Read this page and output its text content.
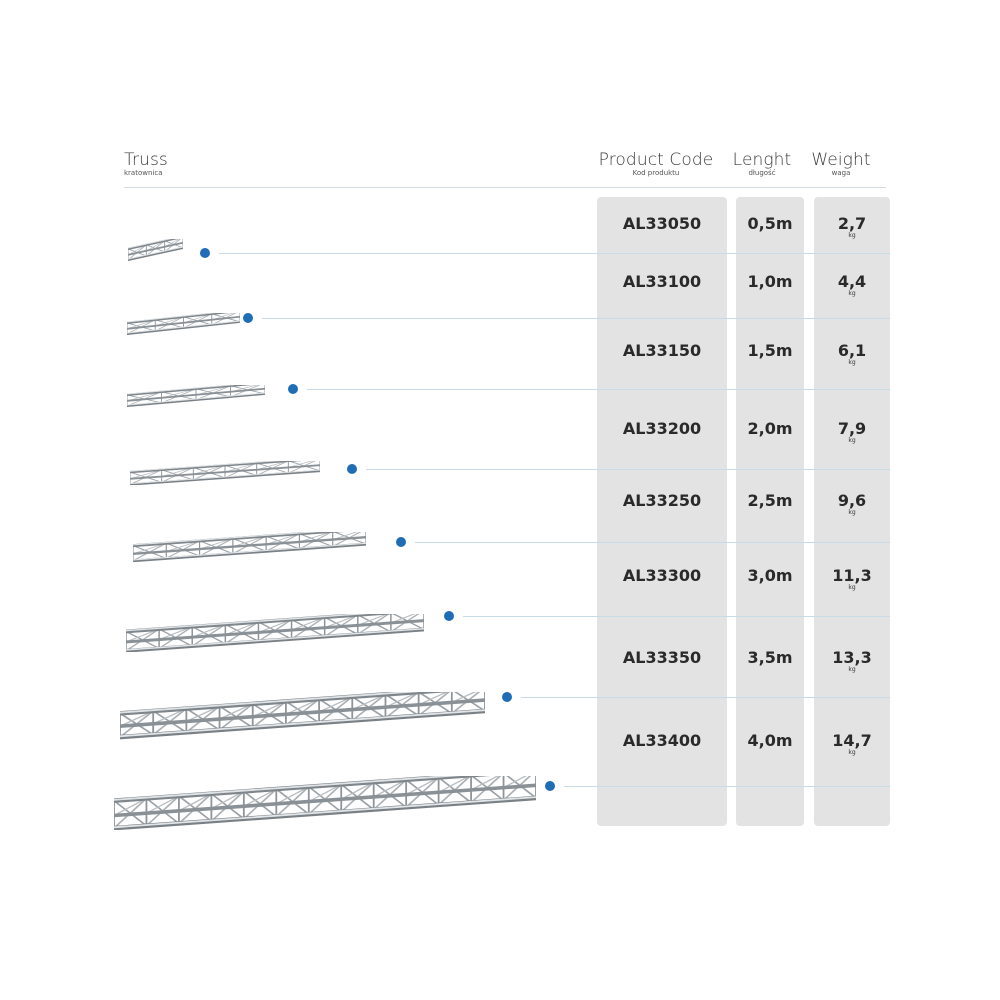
Truss
kratownica
Product Code
Kod produktu
Lenght
długość
Weight
waga
AL33050	0,5m	2,7
kg
AL33100	1,0m	4,4
kg
AL33150	1,5m	6,1
kg
AL33200	2,0m	7,9
kg
AL33250	2,5m	9,6
kg
AL33300	3,0m	11,3
kg
AL33350	3,5m	13,3
kg
AL33400	4,0m	14,7
kg
